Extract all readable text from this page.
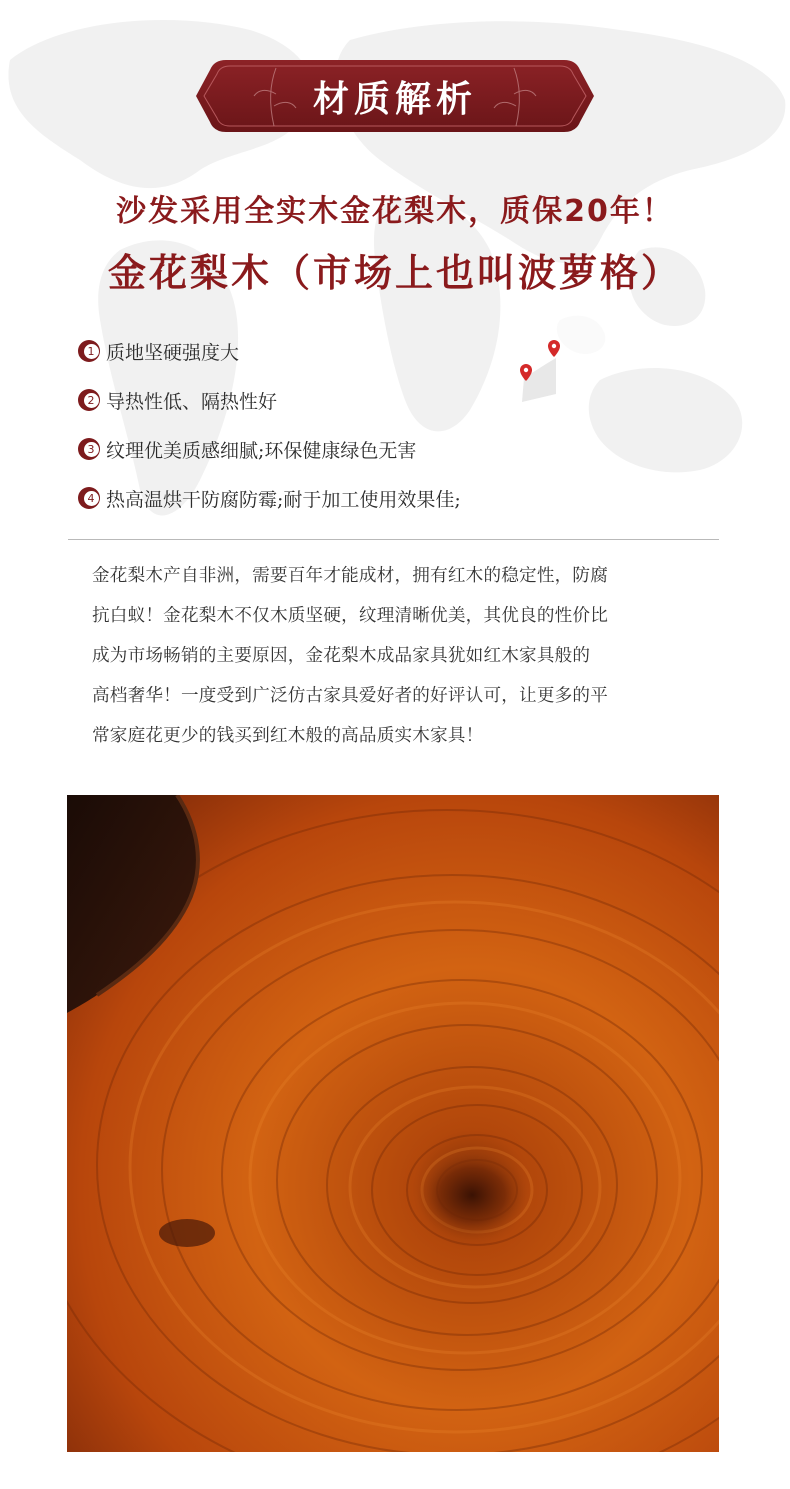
材质解析
沙发采用全实木金花梨木，质保20年！
金花梨木（市场上也叫波萝格）
1 质地坚硬强度大
2 导热性低、隔热性好
3 纹理优美质感细腻;环保健康绿色无害
4 热高温烘干防腐防霉;耐于加工使用效果佳;
金花梨木产自非洲，需要百年才能成材，拥有红木的稳定性，防腐
抗白蚁！金花梨木不仅木质坚硬，纹理清晰优美，其优良的性价比
成为市场畅销的主要原因，金花梨木成品家具犹如红木家具般的
高档奢华！一度受到广泛仿古家具爱好者的好评认可，让更多的平
常家庭花更少的钱买到红木般的高品质实木家具！
